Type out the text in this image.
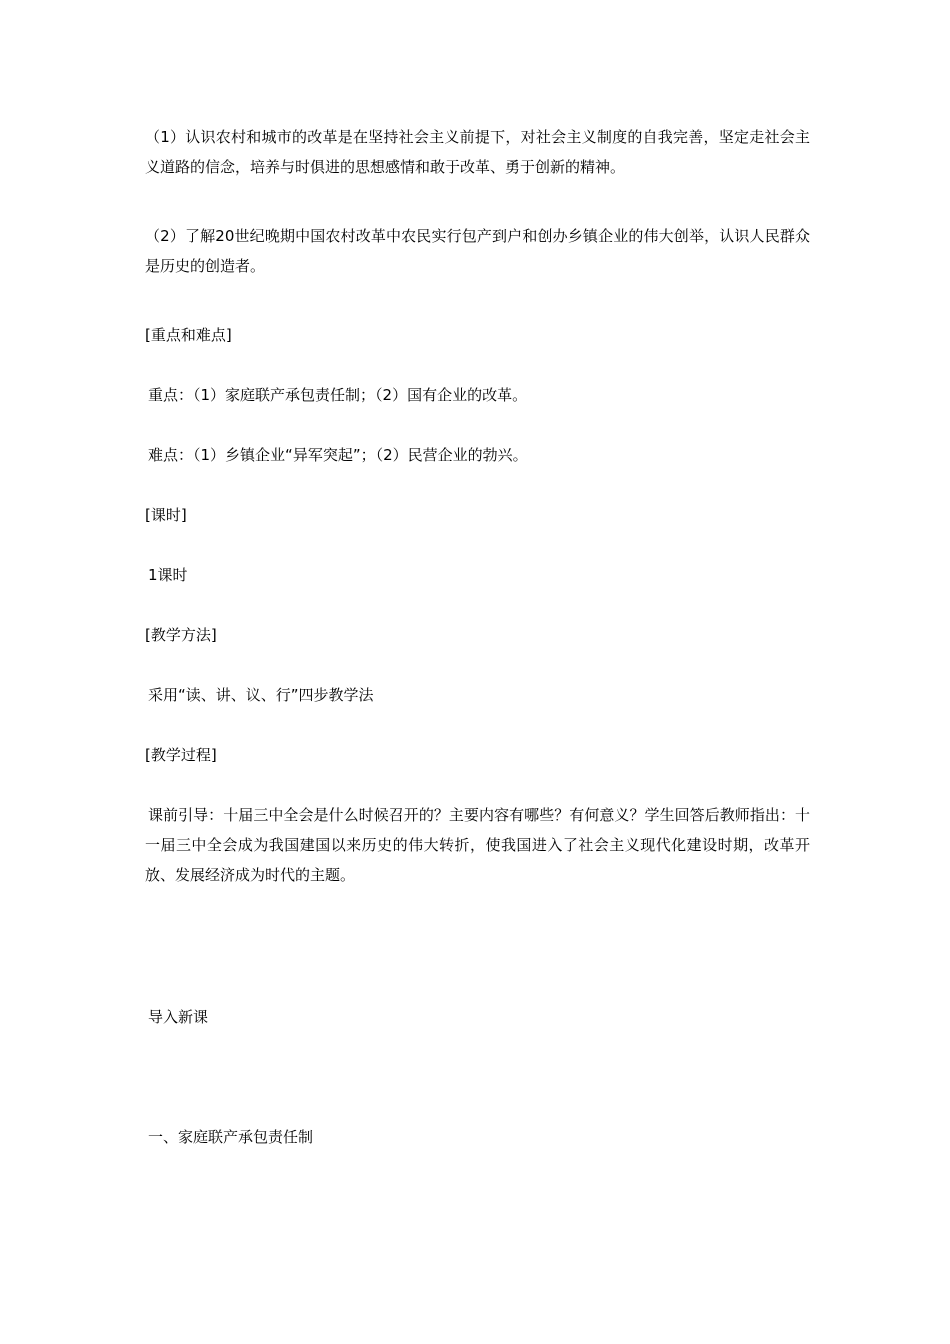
（1）认识农村和城市的改革是在坚持社会主义前提下，对社会主义制度的自我完善，坚定走社会主义道路的信念，培养与时俱进的思想感情和敢于改革、勇于创新的精神。

（2）了解20世纪晚期中国农村改革中农民实行包产到户和创办乡镇企业的伟大创举，认识人民群众是历史的创造者。

[重点和难点]

重点：（1）家庭联产承包责任制；（2）国有企业的改革。

难点：（1）乡镇企业“异军突起”；（2）民营企业的勃兴。

[课时]

1课时

[教学方法]

采用“读、讲、议、行”四步教学法

[教学过程]

课前引导：十届三中全会是什么时候召开的？主要内容有哪些？有何意义？学生回答后教师指出：十一届三中全会成为我国建国以来历史的伟大转折，使我国进入了社会主义现代化建设时期，改革开放、发展经济成为时代的主题。

导入新课

一、家庭联产承包责任制
